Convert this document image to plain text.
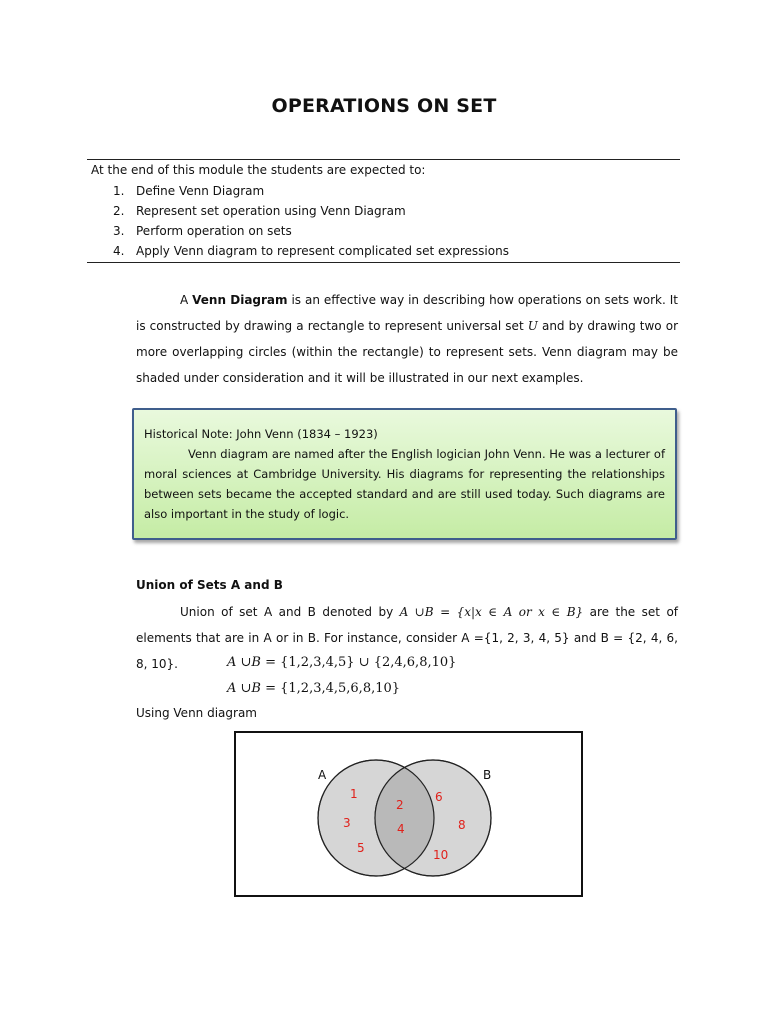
OPERATIONS ON SET
At the end of this module the students are expected to:
1. Define Venn Diagram
2. Represent set operation using Venn Diagram
3. Perform operation on sets
4. Apply Venn diagram to represent complicated set expressions

A Venn Diagram is an effective way in describing how operations on sets work. It is constructed by drawing a rectangle to represent universal set U and by drawing two or more overlapping circles (within the rectangle) to represent sets. Venn diagram may be shaded under consideration and it will be illustrated in our next examples.

Historical Note: John Venn (1834 – 1923)

Venn diagram are named after the English logician John Venn. He was a lecturer of moral sciences at Cambridge University. His diagrams for representing the relationships between sets became the accepted standard and are still used today. Such diagrams are also important in the study of logic.

Union of Sets A and B

Union of set A and B denoted by A ∪B = {x|x ∈ A or x ∈ B} are the set of elements that are in A or in B. For instance, consider A ={1, 2, 3, 4, 5} and B = {2, 4, 6, 8, 10}.	A ∪B = {1,2,3,4,5} ∪ {2,4,6,8,10}
A ∪B = {1,2,3,4,5,6,8,10}
Using Venn diagram
A	B
1
3
5
2
4
6
8
10
